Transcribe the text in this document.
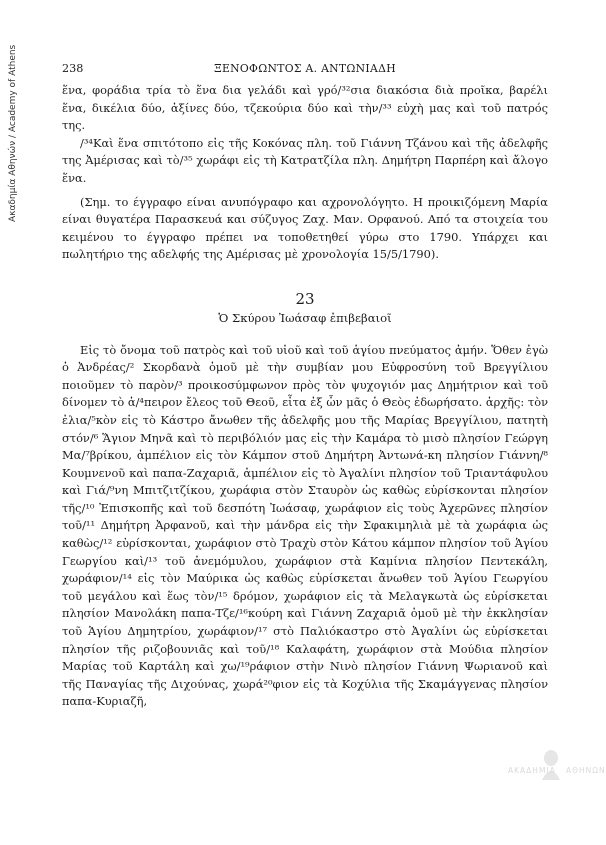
Ακαδημία Αθηνών / Academy of Athens	238	ΞΕΝΟΦΩΝΤΟΣ Α. ΑΝΤΩΝΙΑΔΗ

ἕνα, φοράδια τρία τὸ ἕνα δια γελάδι καὶ γρό/³²σια διακόσια διὰ προῖκα, βαρέλι ἕνα, δικέλια δύο, ἀξίνες δύο, τζεκούρια δύο καὶ τὴν/³³ εὐχὴ μας καὶ τοῦ πατρός της.

/³⁴Καὶ ἕνα σπιτότοπο εἰς τῆς Κοκόνας πλη. τοῦ Γιάννη Τζάνου καὶ τῆς ἀδελφῆς της Ἀμέρισας καὶ τὸ/³⁵ χωράφι εἰς τὴ Κατρατζίλα πλη. Δημήτρη Παρπέρη καὶ ἄλογο ἕνα.

(Σημ. το έγγραφο είναι ανυπόγραφο και αχρονολόγητο. Η προικιζόμενη Μαρία είναι θυγατέρα Παρασκευά και σύζυγος Ζαχ. Μαν. Ορφανού. Από τα στοιχεία του κειμένου το έγγραφο πρέπει να τοποθετηθεί γύρω στο 1790. Υπάρχει και πωλητήριο της αδελφής της Αμέρισας μὲ χρονολογία 15/5/1790).

23
Ὁ Σκύρου Ἰωάσαφ ἐπιβεβαιοῖ

Εἰς τὸ ὄνομα τοῦ πατρὸς καὶ τοῦ υἱοῦ καὶ τοῦ ἁγίου πνεύματος ἀμήν. Ὅθεν ἐγὼ ὁ Ἀνδρέας/² Σκορδανὰ ὁμοῦ μὲ τὴν συμβίαν μου Εὐφροσύνη τοῦ Βρεγγίλιου ποιοῦμεν τὸ παρὸν/³ προικοσύμφωνον πρὸς τὸν ψυχογιόν μας Δημήτριον καὶ τοῦ δίνομεν τὸ ἀ/⁴πειρον ἔλεος τοῦ Θεοῦ, εἶτα ἐξ ὧν μᾶς ὁ Θεὸς ἐδωρήσατο. ἀρχῆς: τὸν ἐλια/⁵κὸν εἰς τὸ Κάστρο ἄνωθεν τῆς ἀδελφῆς μου τῆς Μαρίας Βρεγγίλιου, πατητὴ στόν/⁶ Ἅγιον Μηνᾶ καὶ τὸ περιβόλιόν μας εἰς τὴν Καμάρα τὸ μισὸ πλησίον Γεώργη Μα/⁷βρίκου, ἀμπέλιον εἰς τὸν Κάμπον στοῦ Δημήτρη Ἀντωνά-κη πλησίον Γιάννη/⁸ Κουμνενοῦ καὶ παπα-Ζαχαριᾶ, ἀμπέλιον εἰς τὸ Ἀγαλίνι πλησίον τοῦ Τριαντάφυλου καὶ Γιά/⁹νη Μπιτζιτζίκου, χωράφια στὸν Σταυρὸν ὡς καθὼς εὑρίσκονται πλησίον τῆς/¹⁰ Ἐπισκοπῆς καὶ τοῦ δεσπότη Ἰωάσαφ, χωράφιον εἰς τοὺς Ἀχερῶνες πλησίον τοῦ/¹¹ Δημήτρη Ἀρφανοῦ, καὶ τὴν μάνδρα εἰς τὴν Σφακιμηλιὰ μὲ τὰ χωράφια ὡς καθὼς/¹² εὑρίσκονται, χωράφιον στὸ Τραχὺ στὸν Κάτου κάμπον πλησίον τοῦ Ἁγίου Γεωργίου καὶ/¹³ τοῦ ἀνεμόμυλου, χωράφιον στὰ Καμίνια πλησίον Πεντεκάλη, χωράφιον/¹⁴ εἰς τὸν Μαύρικα ὡς καθὼς εὑρίσκεται ἄνωθεν τοῦ Ἁγίου Γεωργίου τοῦ μεγάλου καὶ ἕως τὸν/¹⁵ δρόμον, χωράφιον εἰς τὰ Μελαγκωτὰ ὡς εὑρίσκεται πλησίον Μανολάκη παπα-Τζε/¹⁶κούρη καὶ Γιάννη Ζαχαριᾶ ὁμοῦ μὲ τὴν ἐκκλησίαν τοῦ Ἁγίου Δημητρίου, χωράφιον/¹⁷ στὸ Παλιόκαστρο στὸ Ἀγαλίνι ὡς εὑρίσκεται πλησίον τῆς ριζοβουνιᾶς καὶ τοῦ/¹⁸ Καλαφάτη, χωράφιον στὰ Μούδια πλησίον Μαρίας τοῦ Καρτάλη καὶ χω/¹⁹ράφιον στὴν Νινὸ πλησίον Γιάννη Ψωριανοῦ καὶ τῆς Παναγίας τῆς Διχούνας, χωρά²⁰φιον εἰς τὰ Κοχύλια τῆς Σκαμάγγενας πλησίον παπα-Κυριαζῆ,

ΑΚΑΔΗΜΙΑ ΑΘΗΝΩΝ
